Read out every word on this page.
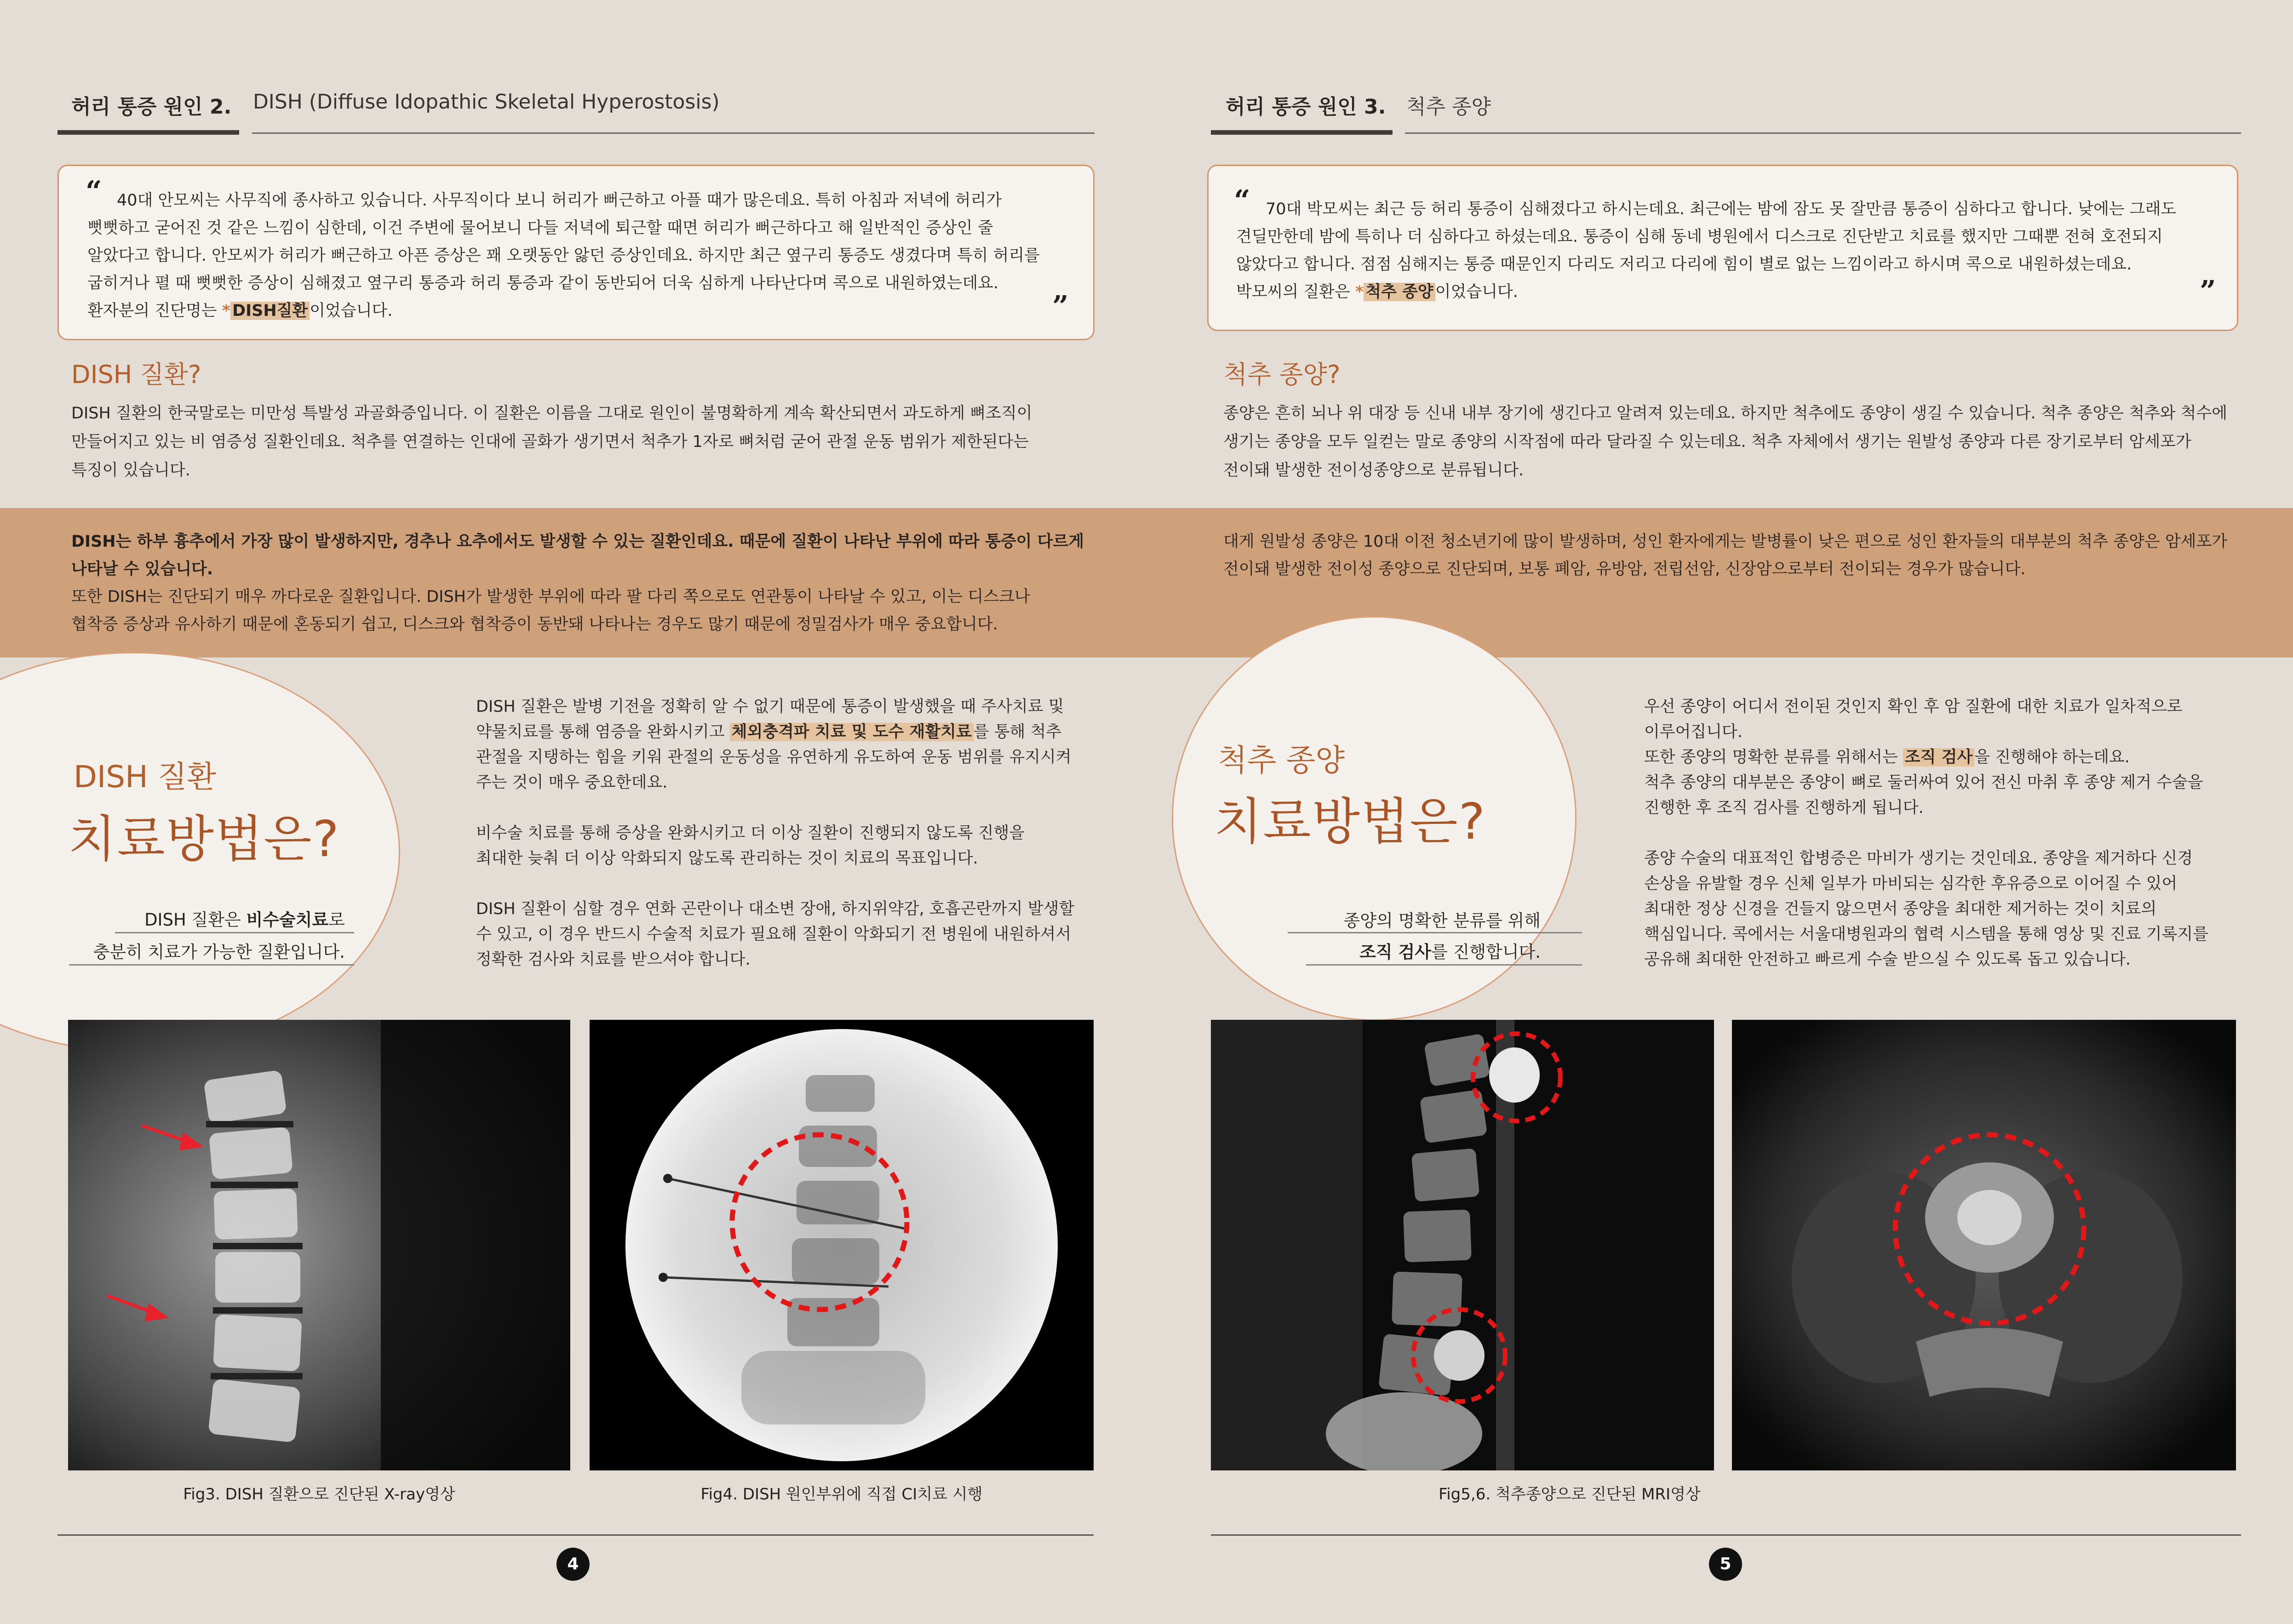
허리 통증 원인 2. DISH (Diffuse Idopathic Skeletal Hyperostosis)
“ 40대 안모씨는 사무직에 종사하고 있습니다. 사무직이다 보니 허리가 뻐근하고 아플 때가 많은데요. 특히 아침과 저녁에 허리가

뻣뻣하고 굳어진 것 같은 느낌이 심한데, 이건 주변에 물어보니 다들 저녁에 퇴근할 때면 허리가 뻐근하다고 해 일반적인 증상인 줄

알았다고 합니다. 안모씨가 허리가 뻐근하고 아픈 증상은 꽤 오랫동안 앓던 증상인데요. 하지만 최근 옆구리 통증도 생겼다며 특히 허리를

굽히거나 펼 때 뻣뻣한 증상이 심해졌고 옆구리 통증과 허리 통증과 같이 동반되어 더욱 심하게 나타난다며 콕으로 내원하였는데요.

환자분의 진단명는 * DISH질환 이었습니다.	”
DISH 질환?
DISH 질환의 한국말로는 미만성 특발성 과골화증입니다. 이 질환은 이름을 그대로 원인이 불명확하게 계속 확산되면서 과도하게 뼈조직이
만들어지고 있는 비 염증성 질환인데요. 척추를 연결하는 인대에 골화가 생기면서 척추가 1자로 뼈처럼 굳어 관절 운동 범위가 제한된다는
특징이 있습니다.
DISH는 하부 흉추에서 가장 많이 발생하지만, 경추나 요추에서도 발생할 수 있는 질환인데요. 때문에 질환이 나타난 부위에 따라 통증이 다르게
나타날 수 있습니다.
또한 DISH는 진단되기 매우 까다로운 질환입니다. DISH가 발생한 부위에 따라 팔 다리 쪽으로도 연관통이 나타날 수 있고, 이는 디스크나
협착증 증상과 유사하기 때문에 혼동되기 쉽고, 디스크와 협착증이 동반돼 나타나는 경우도 많기 때문에 정밀검사가 매우 중요합니다.
대게 원발성 종양은 10대 이전 청소년기에 많이 발생하며, 성인 환자에게는 발병률이 낮은 편으로 성인 환자들의 대부분의 척추 종양은 암세포가
전이돼 발생한 전이성 종양으로 진단되며, 보통 폐암, 유방암, 전립선암, 신장암으로부터 전이되는 경우가 많습니다.
DISH 질환
치료방법은?
DISH 질환은 비수술치료로
충분히 치료가 가능한 질환입니다.
DISH 질환은 발병 기전을 정확히 알 수 없기 때문에 통증이 발생했을 때 주사치료 및
약물치료를 통해 염증을 완화시키고 체외충격파 치료 및 도수 재활치료 를 통해 척추
관절을 지탱하는 힘을 키워 관절의 운동성을 유연하게 유도하여 운동 범위를 유지시켜
주는 것이 매우 중요한데요.
비수술 치료를 통해 증상을 완화시키고 더 이상 질환이 진행되지 않도록 진행을
최대한 늦춰 더 이상 악화되지 않도록 관리하는 것이 치료의 목표입니다.
DISH 질환이 심할 경우 연화 곤란이나 대소변 장애, 하지위약감, 호흡곤란까지 발생할
수 있고, 이 경우 반드시 수술적 치료가 필요해 질환이 악화되기 전 병원에 내원하셔서
정확한 검사와 치료를 받으셔야 합니다.
Fig3. DISH 질환으로 진단된 X-ray영상	Fig4. DISH 원인부위에 직접 CI치료 시행
4
허리 통증 원인 3. 척추 종양
“ 70대 박모씨는 최근 등 허리 통증이 심해졌다고 하시는데요. 최근에는 밤에 잠도 못 잘만큼 통증이 심하다고 합니다. 낮에는 그래도

견딜만한데 밤에 특히나 더 심하다고 하셨는데요. 통증이 심해 동네 병원에서 디스크로 진단받고 치료를 했지만 그때뿐 전혀 호전되지

않았다고 합니다. 점점 심해지는 통증 때문인지 다리도 저리고 다리에 힘이 별로 없는 느낌이라고 하시며 콕으로 내원하셨는데요.

박모씨의 질환은 * 척추 종양 이었습니다.	”
척추 종양?
종양은 흔히 뇌나 위 대장 등 신내 내부 장기에 생긴다고 알려져 있는데요. 하지만 척추에도 종양이 생길 수 있습니다. 척추 종양은 척추와 척수에
생기는 종양을 모두 일컫는 말로 종양의 시작점에 따라 달라질 수 있는데요. 척추 자체에서 생기는 원발성 종양과 다른 장기로부터 암세포가
전이돼 발생한 전이성종양으로 분류됩니다.
척추 종양
치료방법은?
종양의 명확한 분류를 위해
조직 검사를 진행합니다.
우선 종양이 어디서 전이된 것인지 확인 후 암 질환에 대한 치료가 일차적으로
이루어집니다.
또한 종양의 명확한 분류를 위해서는 조직 검사 을 진행해야 하는데요.
척추 종양의 대부분은 종양이 뼈로 둘러싸여 있어 전신 마취 후 종양 제거 수술을
진행한 후 조직 검사를 진행하게 됩니다.
종양 수술의 대표적인 합병증은 마비가 생기는 것인데요. 종양을 제거하다 신경
손상을 유발할 경우 신체 일부가 마비되는 심각한 후유증으로 이어질 수 있어
최대한 정상 신경을 건들지 않으면서 종양을 최대한 제거하는 것이 치료의
핵심입니다. 콕에서는 서울대병원과의 협력 시스템을 통해 영상 및 진료 기록지를
공유해 최대한 안전하고 빠르게 수술 받으실 수 있도록 돕고 있습니다.
Fig5,6. 척추종양으로 진단된 MRI영상
5
